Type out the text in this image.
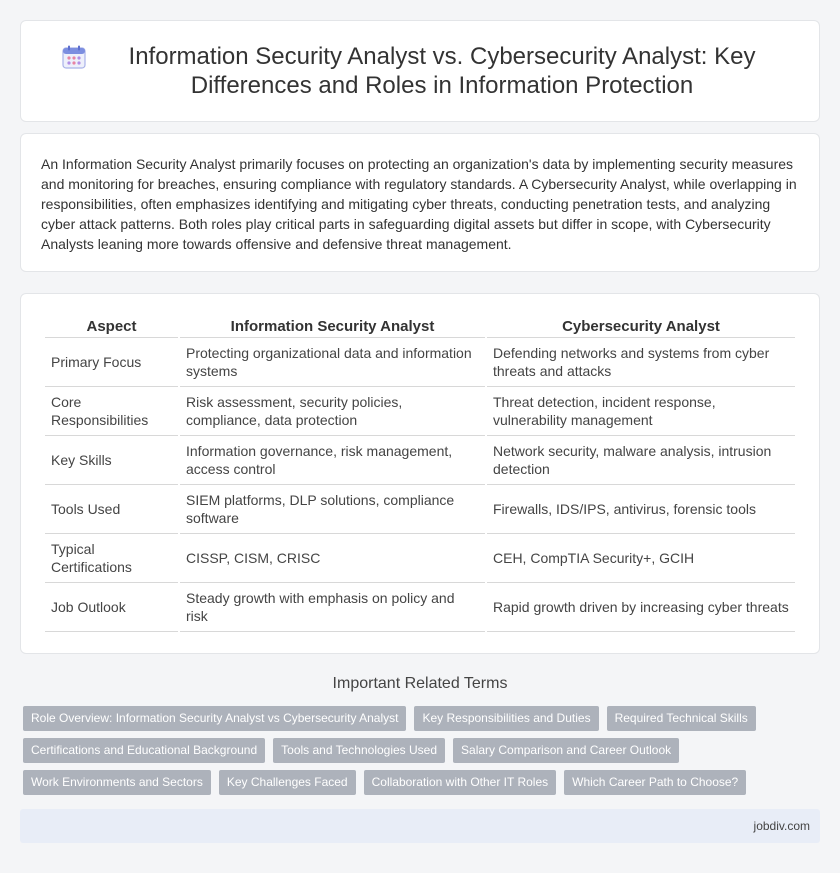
Information Security Analyst vs. Cybersecurity Analyst: Key Differences and Roles in Information Protection

An Information Security Analyst primarily focuses on protecting an organization's data by implementing security measures and monitoring for breaches, ensuring compliance with regulatory standards. A Cybersecurity Analyst, while overlapping in responsibilities, often emphasizes identifying and mitigating cyber threats, conducting penetration tests, and analyzing cyber attack patterns. Both roles play critical parts in safeguarding digital assets but differ in scope, with Cybersecurity Analysts leaning more towards offensive and defensive threat management.

Aspect	Information Security Analyst	Cybersecurity Analyst
Primary Focus	Protecting organizational data and information systems	Defending networks and systems from cyber threats and attacks
Core Responsibilities	Risk assessment, security policies, compliance, data protection	Threat detection, incident response, vulnerability management
Key Skills	Information governance, risk management, access control	Network security, malware analysis, intrusion detection
Tools Used	SIEM platforms, DLP solutions, compliance software	Firewalls, IDS/IPS, antivirus, forensic tools
Typical Certifications	CISSP, CISM, CRISC	CEH, CompTIA Security+, GCIH
Job Outlook	Steady growth with emphasis on policy and risk	Rapid growth driven by increasing cyber threats
Important Related Terms
Role Overview: Information Security Analyst vs Cybersecurity Analyst	Key Responsibilities and Duties	Required Technical Skills
Certifications and Educational Background	Tools and Technologies Used	Salary Comparison and Career Outlook
Work Environments and Sectors	Key Challenges Faced	Collaboration with Other IT Roles	Which Career Path to Choose?
jobdiv.com
